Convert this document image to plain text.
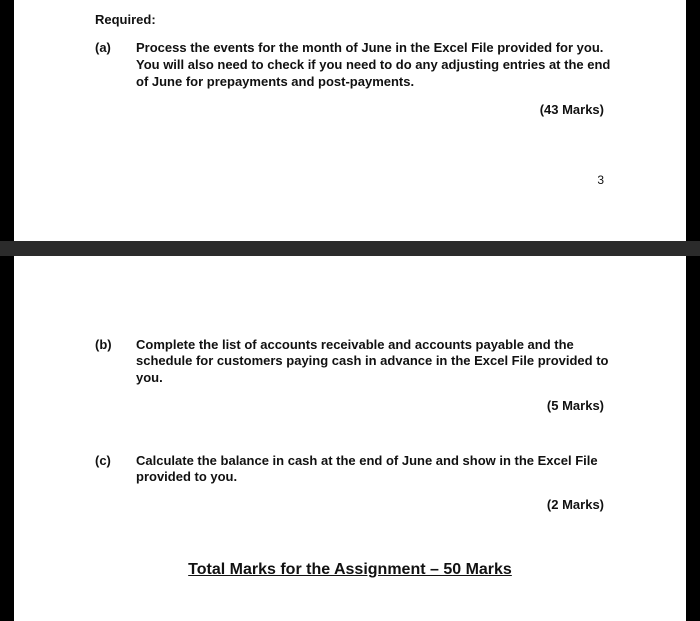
Required:
(a) Process the events for the month of June in the Excel File provided for you.
You will also need to check if you need to do any adjusting entries at the end
of June for prepayments and post-payments.
(43 Marks)
3
(b) Complete the list of accounts receivable and accounts payable and the
schedule for customers paying cash in advance in the Excel File provided to
you.
(5 Marks)
(c) Calculate the balance in cash at the end of June and show in the Excel File
provided to you.
(2 Marks)
Total Marks for the Assignment – 50 Marks
